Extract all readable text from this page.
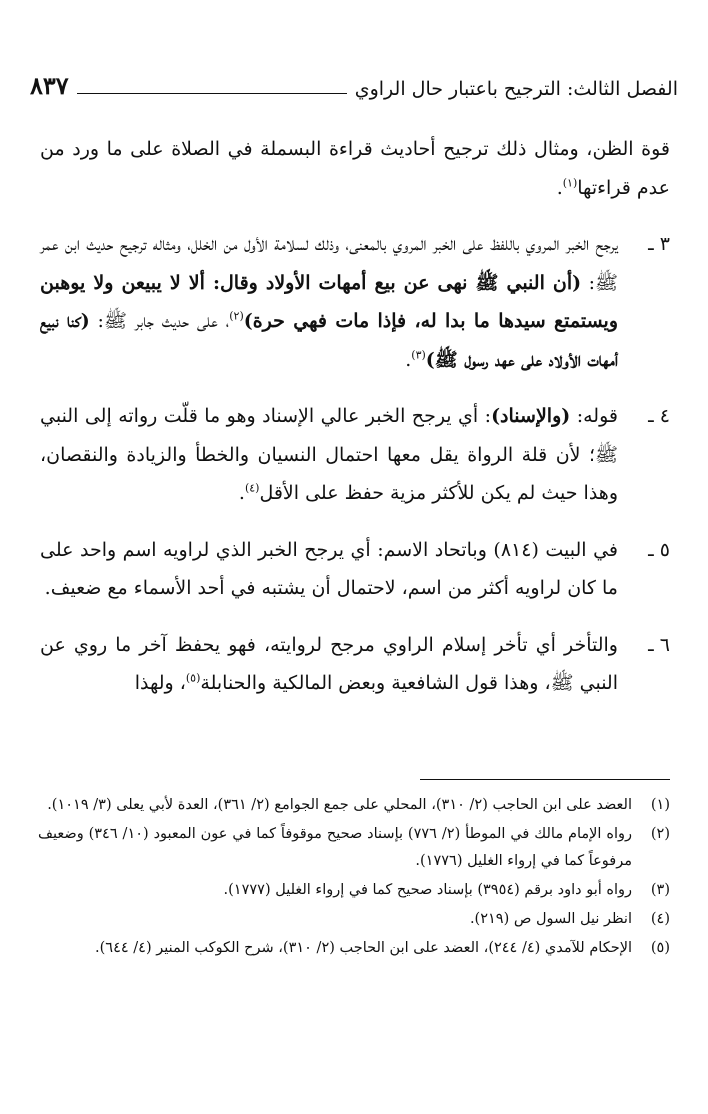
الفصل الثالث: الترجيح باعتبار حال الراوي
٨٣٧

قوة الظن، ومثال ذلك ترجيح أحاديث قراءة البسملة في الصلاة على ما ورد من عدم قراءتها$^{(١)}$.

٣ ـ
يرجح الخبر المروي باللفظ على الخبر المروي بالمعنى، وذلك لسلامة الأول من الخلل، ومثاله ترجيح حديث ابن عمر ﷺ: (أن النبي ﷺ نهى عن بيع أمهات الأولاد وقال: ألا لا يبيعن ولا يوهبن ويستمتع سيدها ما بدا له، فإذا مات فهي حرة)$^{(٢)}$، على حديث جابر ﷺ: (كنا نبيع أمهات الأولاد على عهد رسول ﷺ)$^{(٣)}$.
٤ ـ
قوله: (والإسناد): أي يرجح الخبر عالي الإسناد وهو ما قلّت رواته إلى النبي ﷺ؛ لأن قلة الرواة يقل معها احتمال النسيان والخطأ والزيادة والنقصان، وهذا حيث لم يكن للأكثر مزية حفظ على الأقل$^{(٤)}$.
٥ ـ
في البيت (٨١٤) وباتحاد الاسم: أي يرجح الخبر الذي لراويه اسم واحد على ما كان لراويه أكثر من اسم، لاحتمال أن يشتبه في أحد الأسماء مع ضعيف.
٦ ـ
والتأخر أي تأخر إسلام الراوي مرجح لروايته، فهو يحفظ آخر ما روي عن النبي ﷺ، وهذا قول الشافعية وبعض المالكية والحنابلة$^{(٥)}$، ولهذا
(١)
العضد على ابن الحاجب (٢/ ٣١٠)، المحلي على جمع الجوامع (٢/ ٣٦١)، العدة لأبي يعلى (٣/ ١٠١٩).
(٢)
رواه الإمام مالك في الموطأ (٢/ ٧٧٦) بإسناد صحيح موقوفاً كما في عون المعبود (١٠/ ٣٤٦) وضعيف مرفوعاً كما في إرواء الغليل (١٧٧٦).
(٣)
رواه أبو داود برقم (٣٩٥٤) بإسناد صحيح كما في إرواء الغليل (١٧٧٧).
(٤)
انظر نيل السول ص (٢١٩).
(٥)
الإحكام للآمدي (٤/ ٢٤٤)، العضد على ابن الحاجب (٢/ ٣١٠)، شرح الكوكب المنير (٤/ ٦٤٤).
